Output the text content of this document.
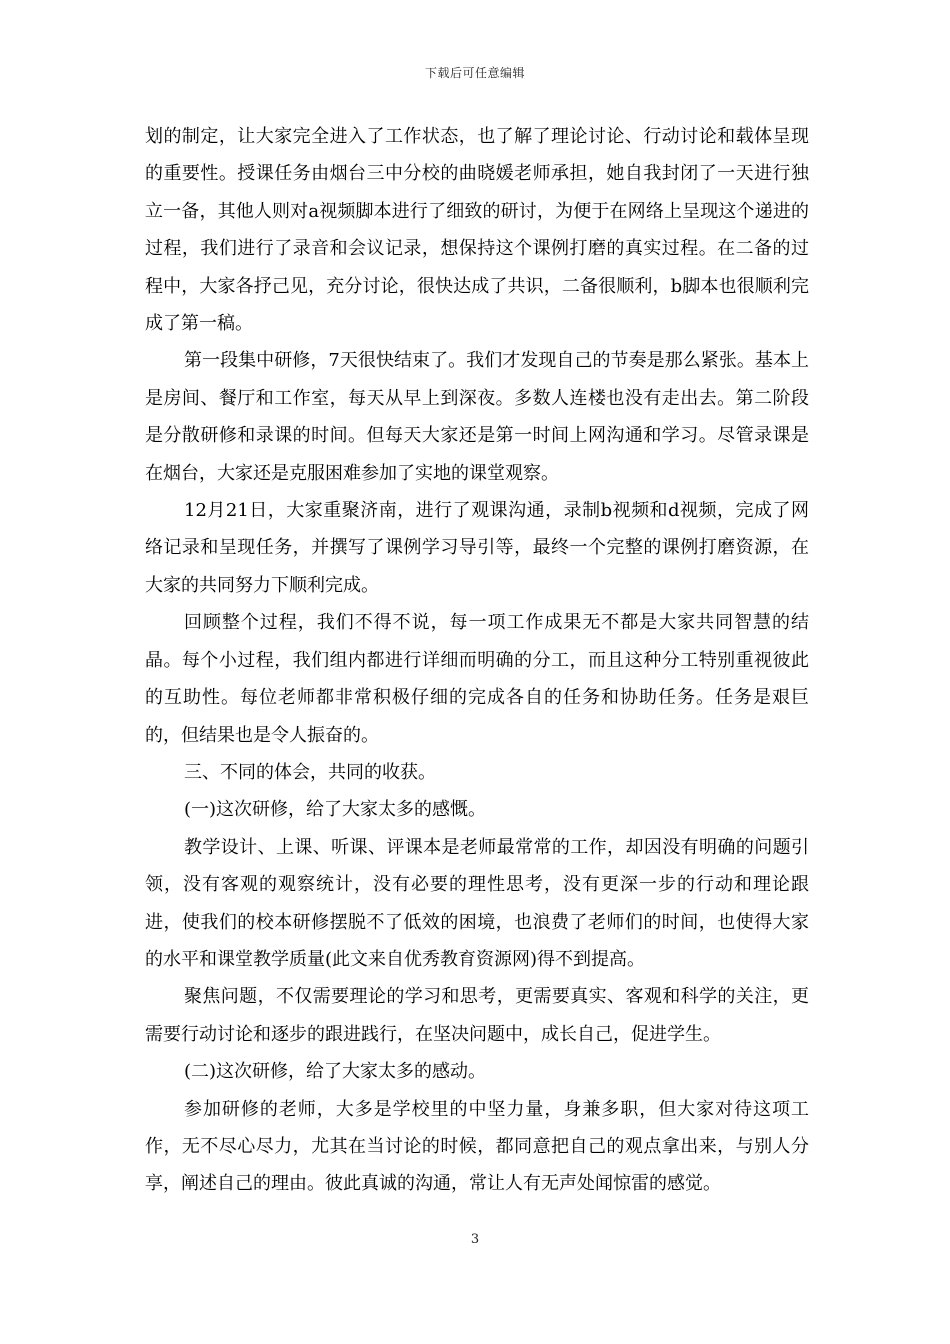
下载后可任意编辑

划的制定，让大家完全进入了工作状态，也了解了理论讨论、行动讨论和载体呈现的重要性。授课任务由烟台三中分校的曲晓媛老师承担，她自我封闭了一天进行独立一备，其他人则对a视频脚本进行了细致的研讨，为便于在网络上呈现这个递进的过程，我们进行了录音和会议记录，想保持这个课例打磨的真实过程。在二备的过程中，大家各抒己见，充分讨论，很快达成了共识，二备很顺利，b脚本也很顺利完成了第一稿。

第一段集中研修，7天很快结束了。我们才发现自己的节奏是那么紧张。基本上是房间、餐厅和工作室，每天从早上到深夜。多数人连楼也没有走出去。第二阶段是分散研修和录课的时间。但每天大家还是第一时间上网沟通和学习。尽管录课是在烟台，大家还是克服困难参加了实地的课堂观察。

12月21日，大家重聚济南，进行了观课沟通，录制b视频和d视频，完成了网络记录和呈现任务，并撰写了课例学习导引等，最终一个完整的课例打磨资源，在大家的共同努力下顺利完成。

回顾整个过程，我们不得不说，每一项工作成果无不都是大家共同智慧的结晶。每个小过程，我们组内都进行详细而明确的分工，而且这种分工特别重视彼此的互助性。每位老师都非常积极仔细的完成各自的任务和协助任务。任务是艰巨的，但结果也是令人振奋的。

三、不同的体会，共同的收获。

(一)这次研修，给了大家太多的感慨。

教学设计、上课、听课、评课本是老师最常常的工作，却因没有明确的问题引领，没有客观的观察统计，没有必要的理性思考，没有更深一步的行动和理论跟进，使我们的校本研修摆脱不了低效的困境，也浪费了老师们的时间，也使得大家的水平和课堂教学质量(此文来自优秀教育资源网)得不到提高。

聚焦问题，不仅需要理论的学习和思考，更需要真实、客观和科学的关注，更需要行动讨论和逐步的跟进践行，在坚决问题中，成长自己，促进学生。

(二)这次研修，给了大家太多的感动。

参加研修的老师，大多是学校里的中坚力量，身兼多职，但大家对待这项工作，无不尽心尽力，尤其在当讨论的时候，都同意把自己的观点拿出来，与别人分享，阐述自己的理由。彼此真诚的沟通，常让人有无声处闻惊雷的感觉。

3
